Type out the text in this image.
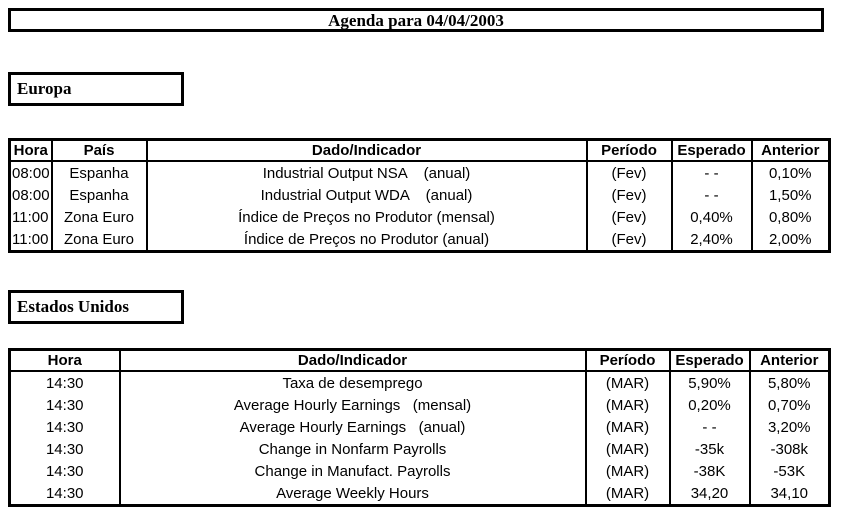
Agenda para 04/04/2003
Europa
Hora	País	Dado/Indicador	Período	Esperado	Anterior
08:00	Espanha	Industrial Output NSA    (anual)	(Fev)	- -	0,10%
08:00	Espanha	Industrial Output WDA    (anual)	(Fev)	- -	1,50%
11:00	Zona Euro	Índice de Preços no Produtor (mensal)	(Fev)	0,40%	0,80%
11:00	Zona Euro	Índice de Preços no Produtor (anual)	(Fev)	2,40%	2,00%
Estados Unidos
Hora	Dado/Indicador	Período	Esperado	Anterior
14:30	Taxa de desemprego	(MAR)	5,90%	5,80%
14:30	Average Hourly Earnings   (mensal)	(MAR)	0,20%	0,70%
14:30	Average Hourly Earnings   (anual)	(MAR)	- -	3,20%
14:30	Change in Nonfarm Payrolls	(MAR)	-35k	-308k
14:30	Change in Manufact. Payrolls	(MAR)	-38K	-53K
14:30	Average Weekly Hours	(MAR)	34,20	34,10
